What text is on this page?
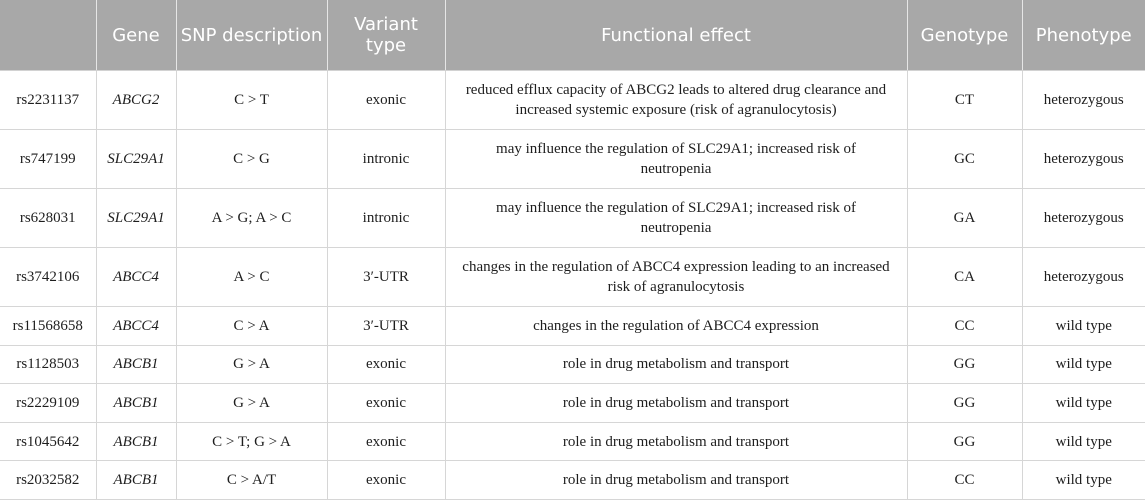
	Gene	SNP description	Variant type	Functional effect	Genotype	Phenotype
rs2231137	ABCG2	C > T	exonic	reduced efflux capacity of ABCG2 leads to altered drug clearance and increased systemic exposure (risk of agranulocytosis)	CT	heterozygous
rs747199	SLC29A1	C > G	intronic	may influence the regulation of SLC29A1; increased risk of neutropenia	GC	heterozygous
rs628031	SLC29A1	A > G; A > C	intronic	may influence the regulation of SLC29A1; increased risk of neutropenia	GA	heterozygous
rs3742106	ABCC4	A > C	3′-UTR	changes in the regulation of ABCC4 expression leading to an increased risk of agranulocytosis	CA	heterozygous
rs11568658	ABCC4	C > A	3′-UTR	changes in the regulation of ABCC4 expression	CC	wild type
rs1128503	ABCB1	G > A	exonic	role in drug metabolism and transport	GG	wild type
rs2229109	ABCB1	G > A	exonic	role in drug metabolism and transport	GG	wild type
rs1045642	ABCB1	C > T; G > A	exonic	role in drug metabolism and transport	GG	wild type
rs2032582	ABCB1	C > A/T	exonic	role in drug metabolism and transport	CC	wild type
